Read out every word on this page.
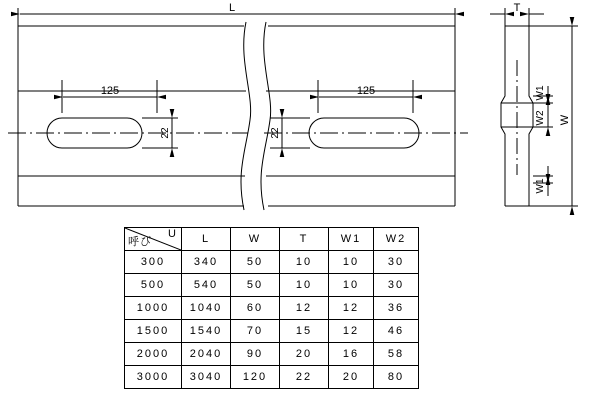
L
125	125
22	22
T
W1
W2
W1
W
呼び
U	L	W	T	W1	W2
300	340	50	10	10	30
500	540	50	10	10	30
1000	1040	60	12	12	36
1500	1540	70	15	12	46
2000	2040	90	20	16	58
3000	3040	120	22	20	80
